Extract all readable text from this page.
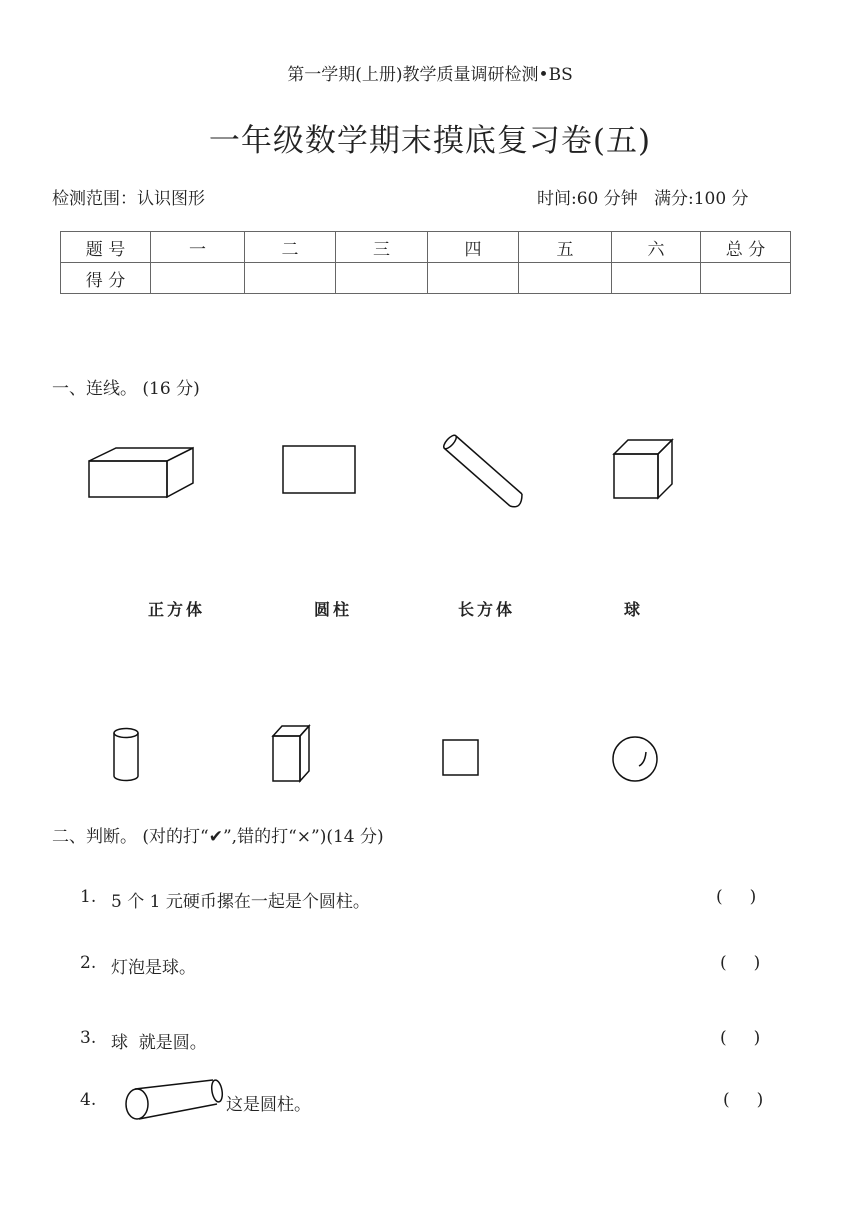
第一学期(上册)教学质量调研检测•BS
一年级数学期末摸底复习卷(五)
检测范围：认识图形	时间:60 分钟   满分:100 分
题 号	一	二	三	四	五	六	总 分
得 分							
一、连线。 (16 分)
正方体	圆柱	长方体	球
二、判断。 (对的打“✔”,错的打“×”)(14 分)
1. 5 个 1 元硬币摞在一起是个圆柱。	(     )
2. 灯泡是球。	(     )
3. 球  就是圆。	(     )
4.	这是圆柱。	(     )
